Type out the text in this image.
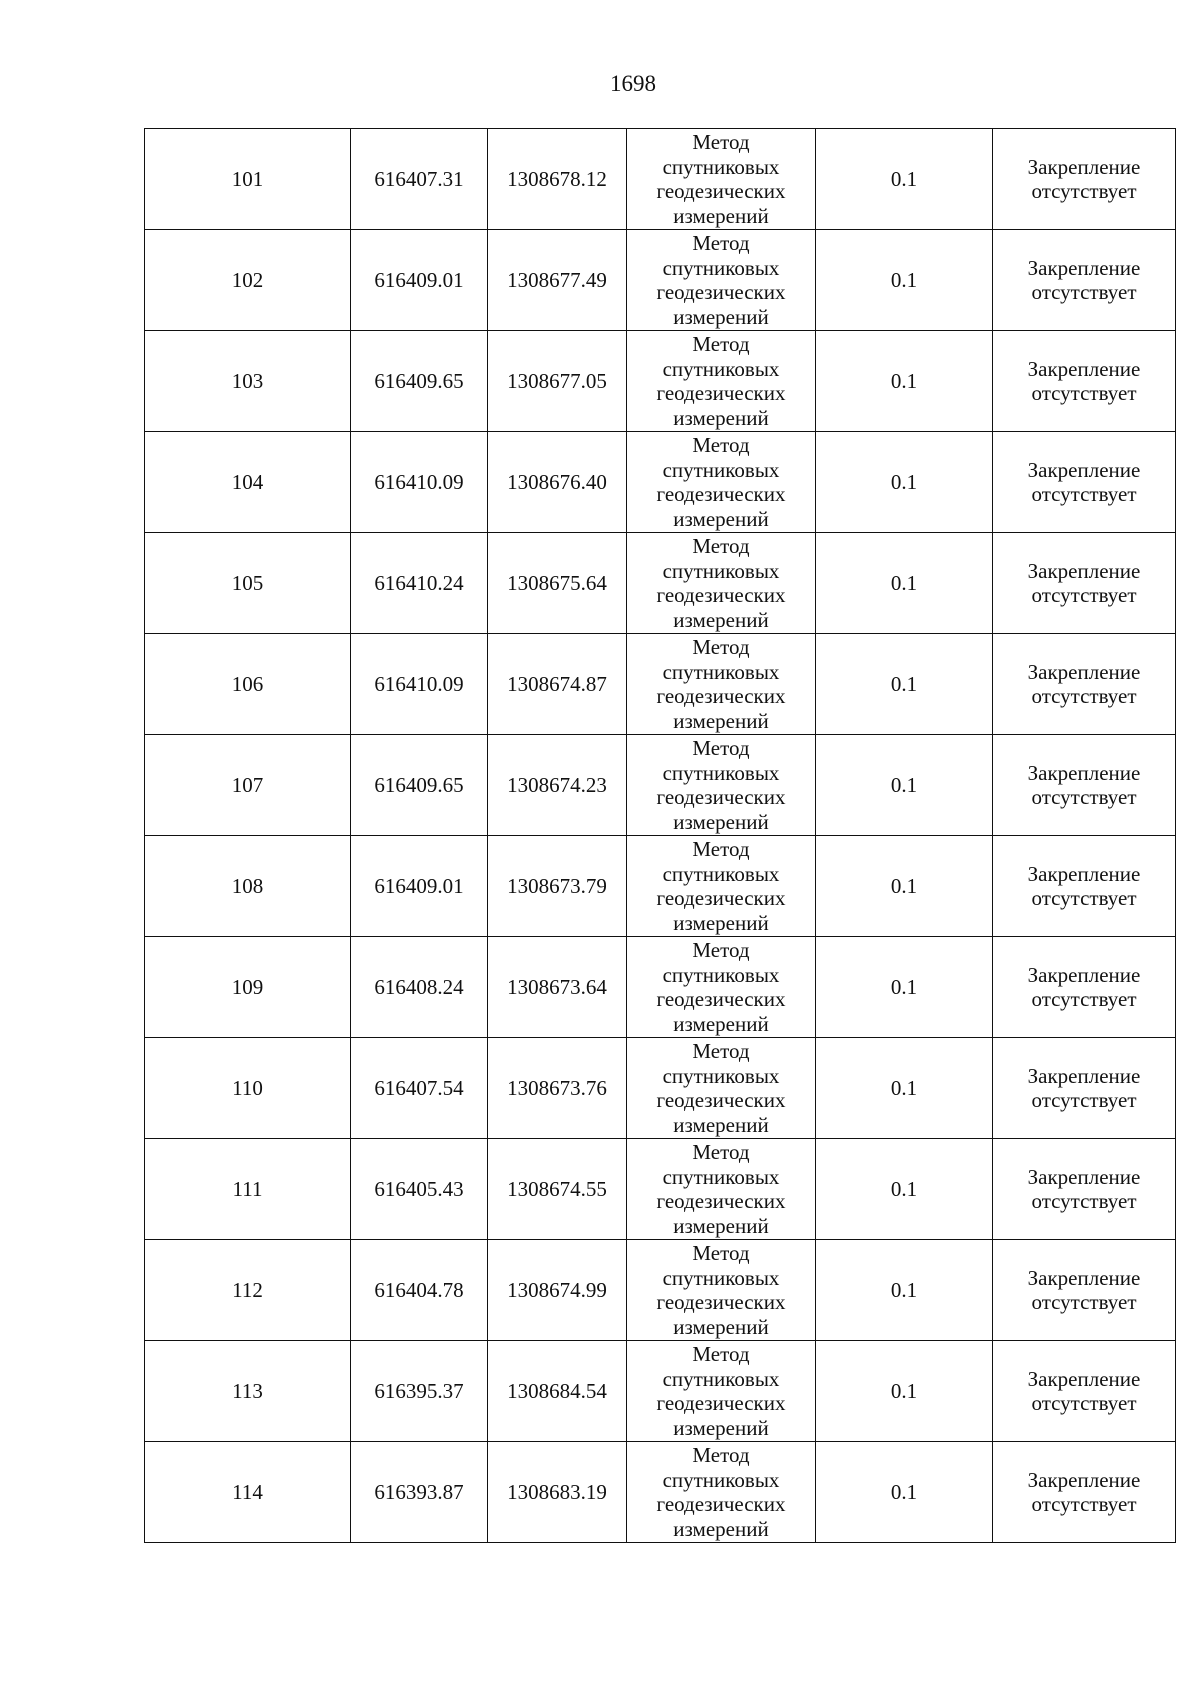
1698
101	616407.31	1308678.12	Метод
спутниковых
геодезических
измерений	0.1	Закрепление
отсутствует

102	616409.01	1308677.49	Метод
спутниковых
геодезических
измерений	0.1	Закрепление
отсутствует

103	616409.65	1308677.05	Метод
спутниковых
геодезических
измерений	0.1	Закрепление
отсутствует

104	616410.09	1308676.40	Метод
спутниковых
геодезических
измерений	0.1	Закрепление
отсутствует

105	616410.24	1308675.64	Метод
спутниковых
геодезических
измерений	0.1	Закрепление
отсутствует

106	616410.09	1308674.87	Метод
спутниковых
геодезических
измерений	0.1	Закрепление
отсутствует

107	616409.65	1308674.23	Метод
спутниковых
геодезических
измерений	0.1	Закрепление
отсутствует

108	616409.01	1308673.79	Метод
спутниковых
геодезических
измерений	0.1	Закрепление
отсутствует

109	616408.24	1308673.64	Метод
спутниковых
геодезических
измерений	0.1	Закрепление
отсутствует

110	616407.54	1308673.76	Метод
спутниковых
геодезических
измерений	0.1	Закрепление
отсутствует

111	616405.43	1308674.55	Метод
спутниковых
геодезических
измерений	0.1	Закрепление
отсутствует

112	616404.78	1308674.99	Метод
спутниковых
геодезических
измерений	0.1	Закрепление
отсутствует

113	616395.37	1308684.54	Метод
спутниковых
геодезических
измерений	0.1	Закрепление
отсутствует

114	616393.87	1308683.19	Метод
спутниковых
геодезических
измерений	0.1	Закрепление
отсутствует
